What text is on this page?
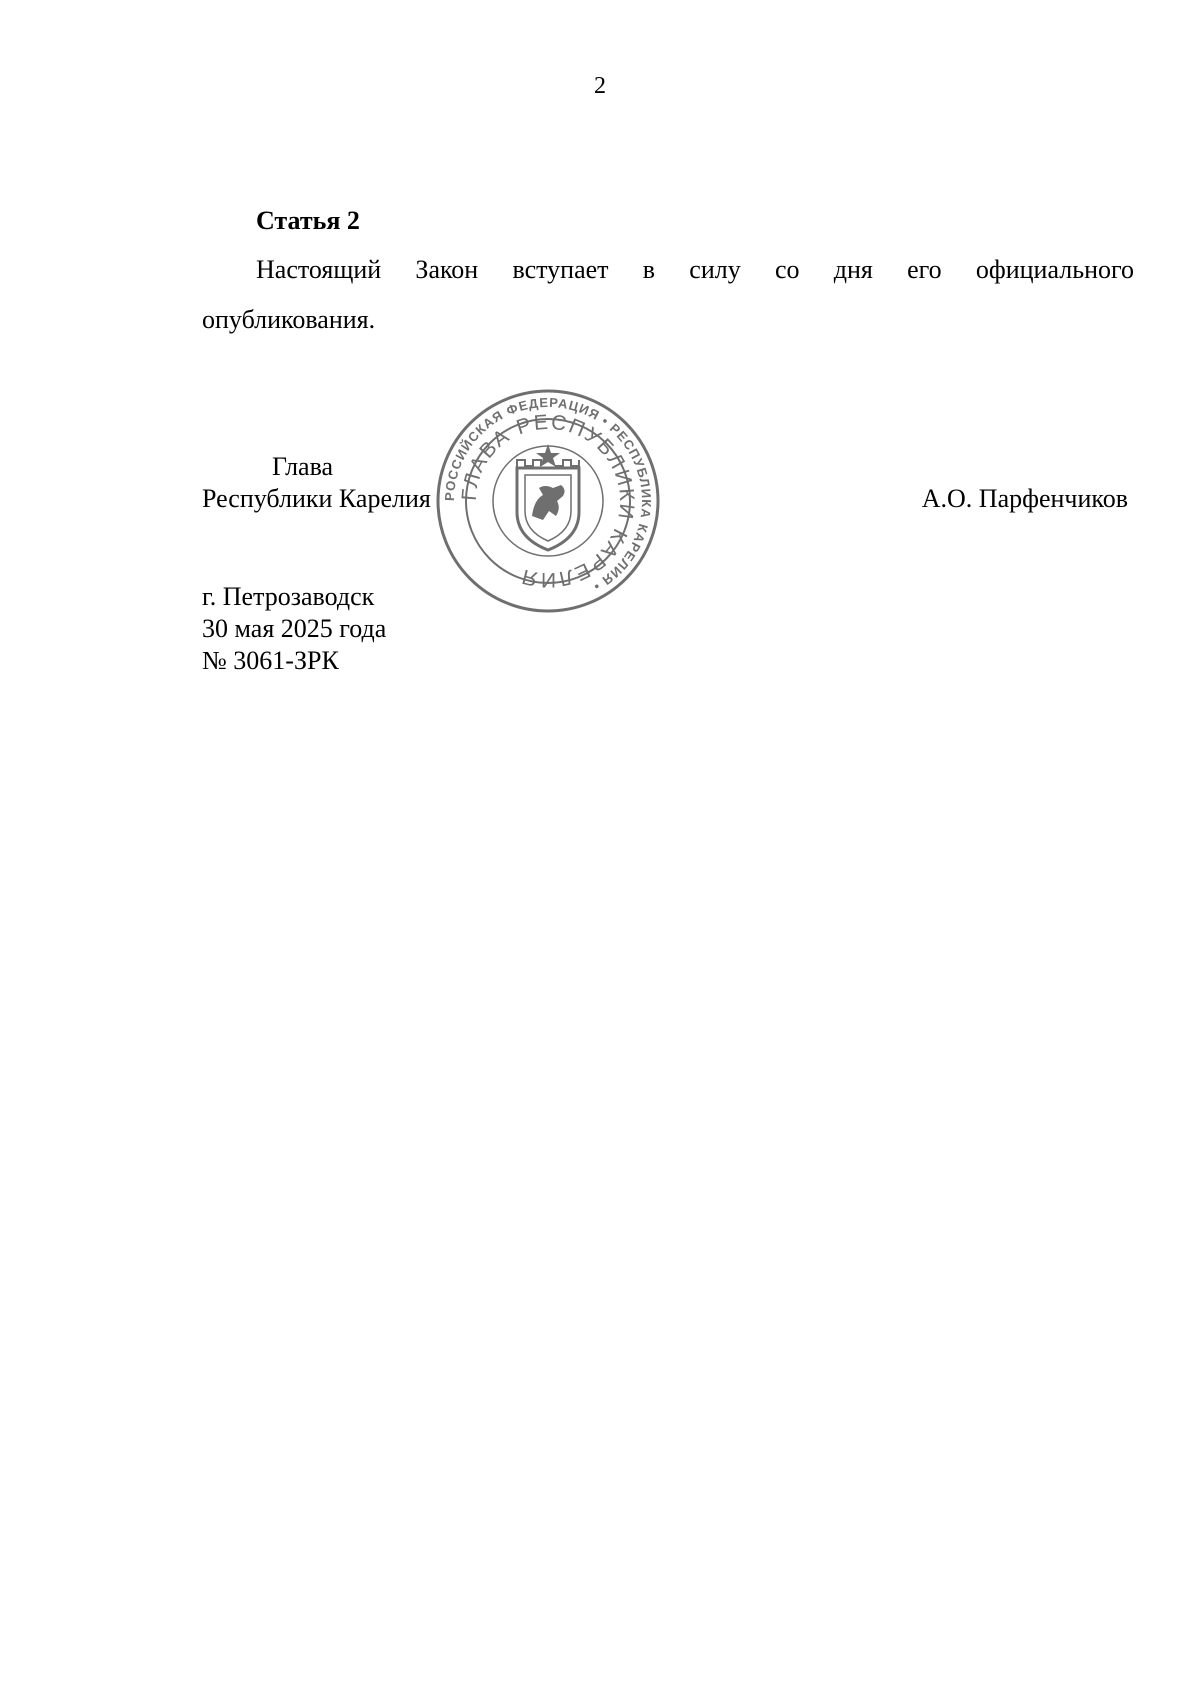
2
Статья 2
Настоящий Закон вступает в силу со дня его официального
опубликования.
Глава
Республики Карелия	А.О. Парфенчиков
РОССИЙСКАЯ ФЕДЕРАЦИЯ • РЕСПУБЛИКА КАРЕЛИЯ •
ГЛАВА РЕСПУБЛИКИ КАРЕЛИЯ
г. Петрозаводск
30 мая 2025 года
№ 3061-ЗРК
